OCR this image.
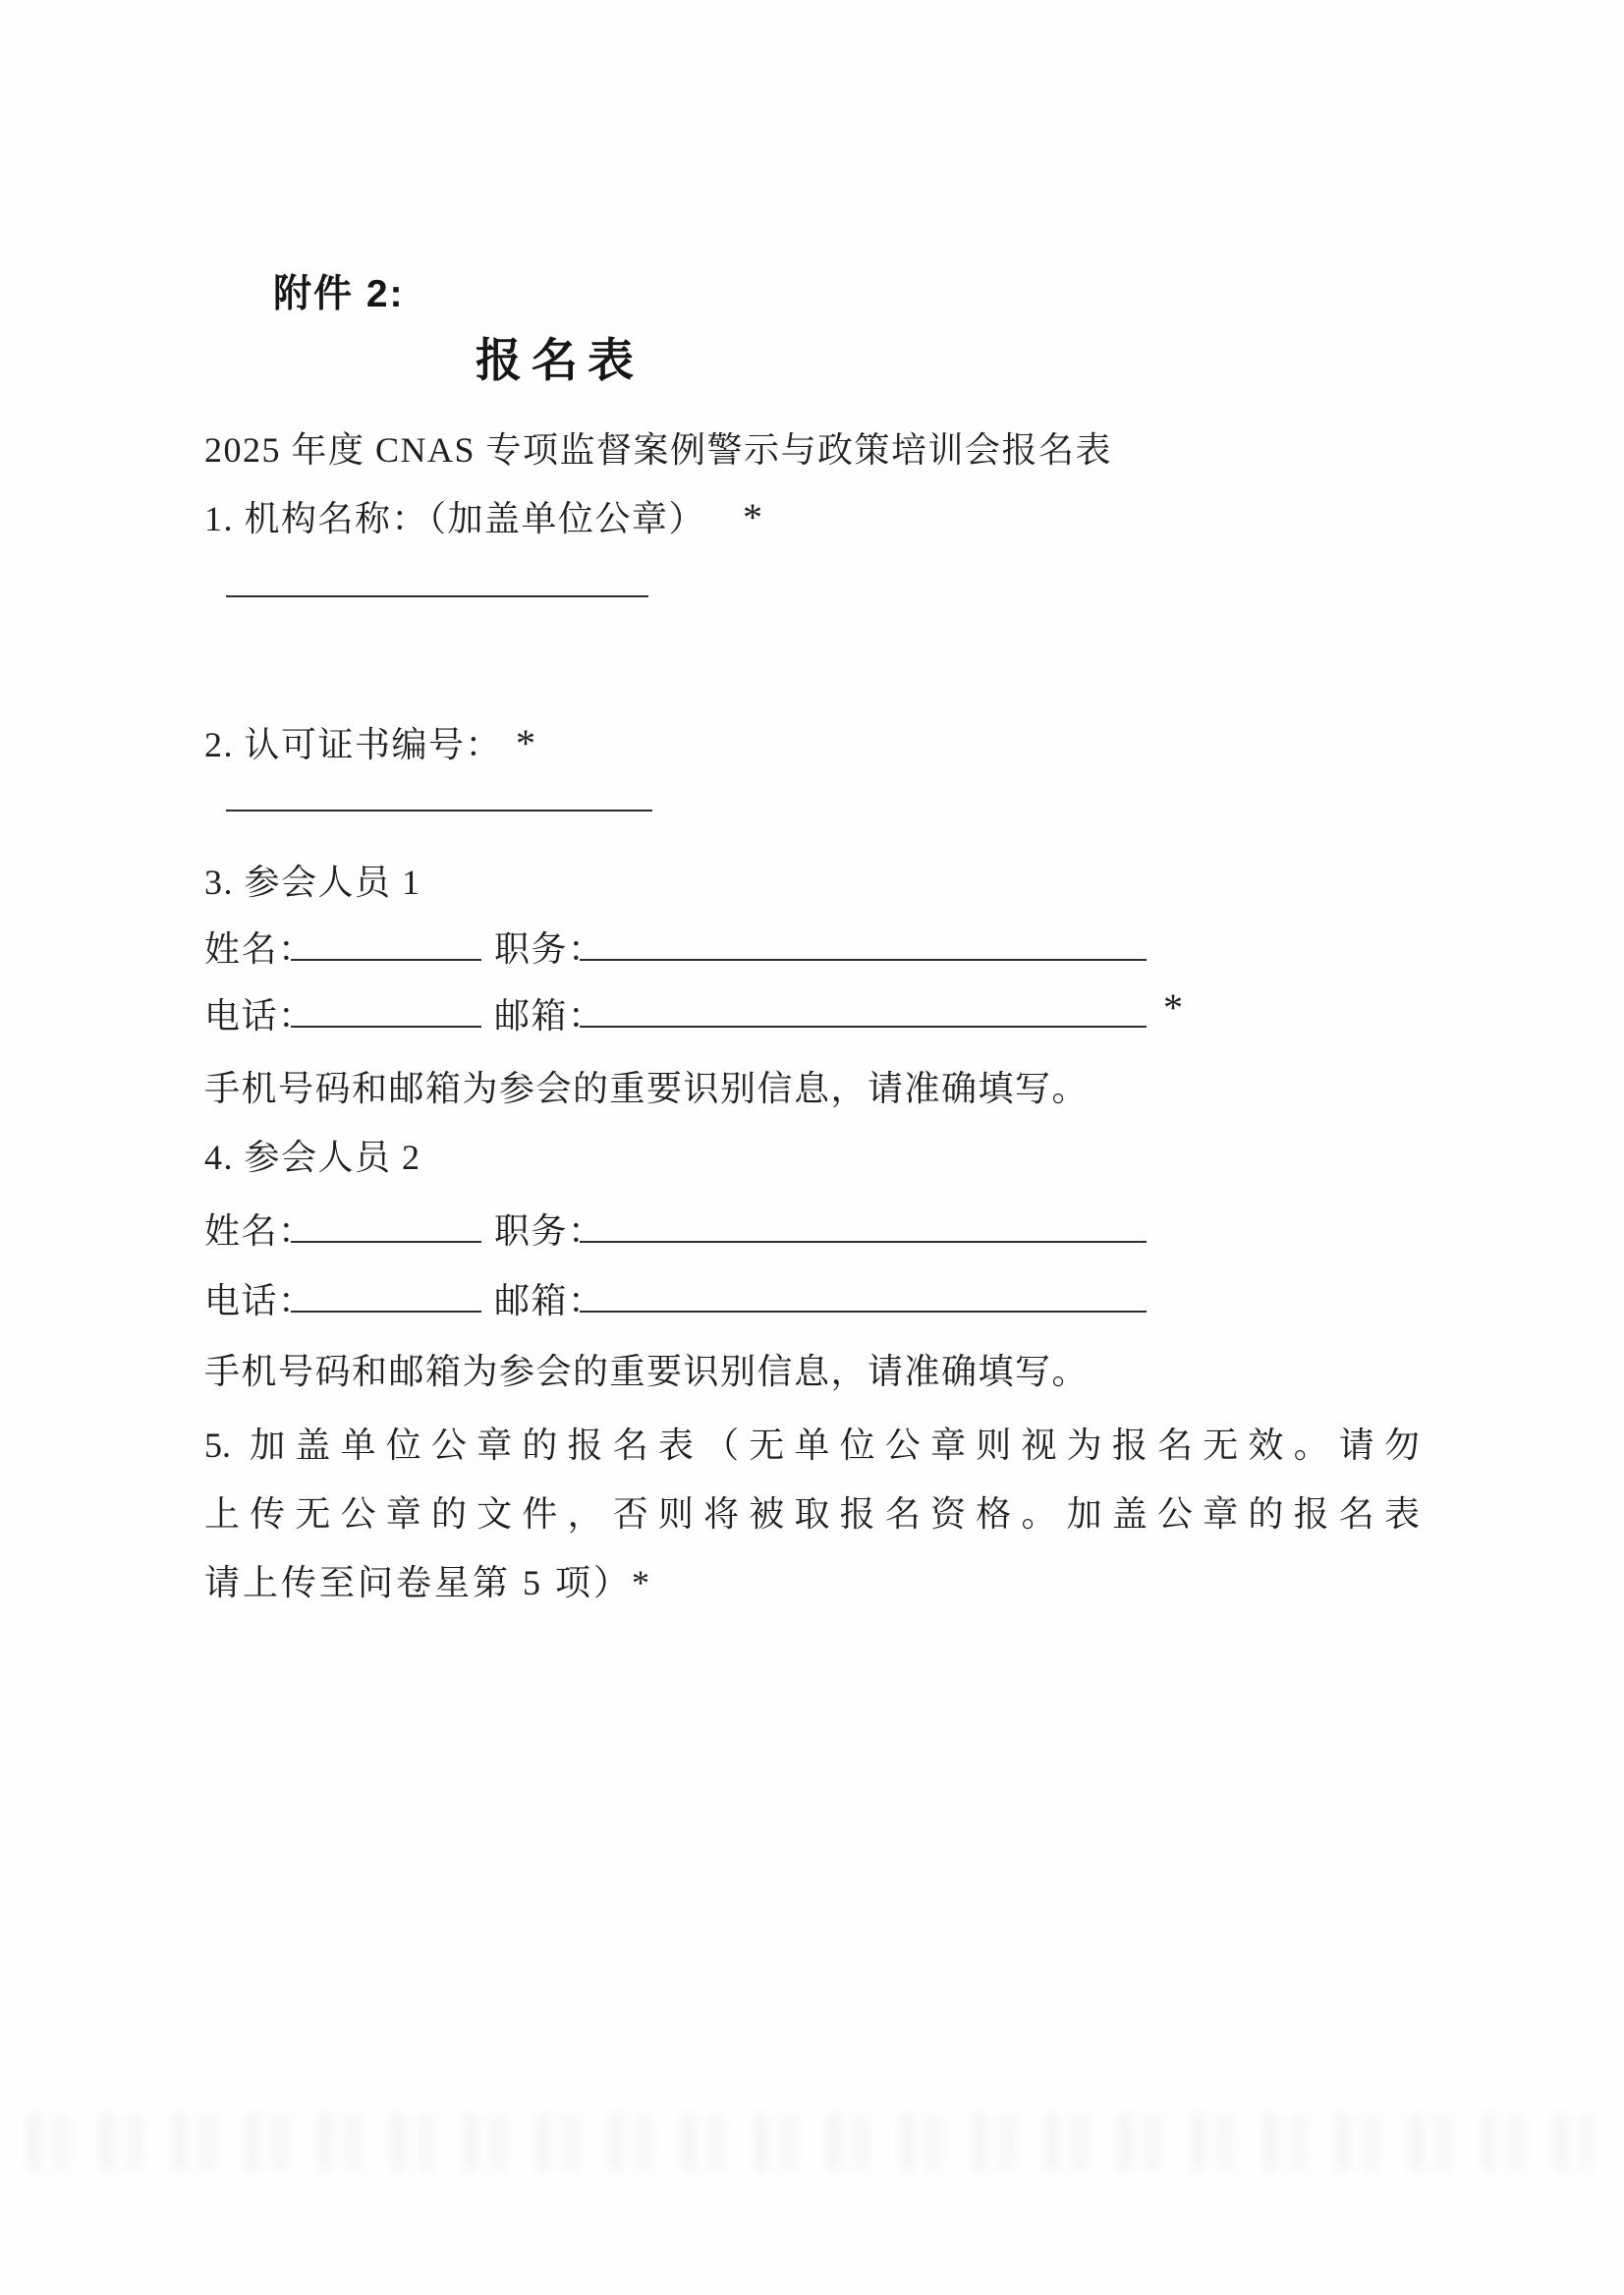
附件 2:
报名表
2025 年度 CNAS 专项监督案例警示与政策培训会报名表
1. 机构名称：（加盖单位公章） *
2. 认可证书编号： *
3. 参会人员 1
姓名：	职务：
电话：	邮箱：	*
手机号码和邮箱为参会的重要识别信息，请准确填写。
4. 参会人员 2
姓名：	职务：
电话：	邮箱：
手机号码和邮箱为参会的重要识别信息，请准确填写。
5. 加盖单位公章的报名表（无单位公章则视为报名无效。请勿
上传无公章的文件，否则将被取报名资格。加盖公章的报名表
请上传至问卷星第 5 项）*
